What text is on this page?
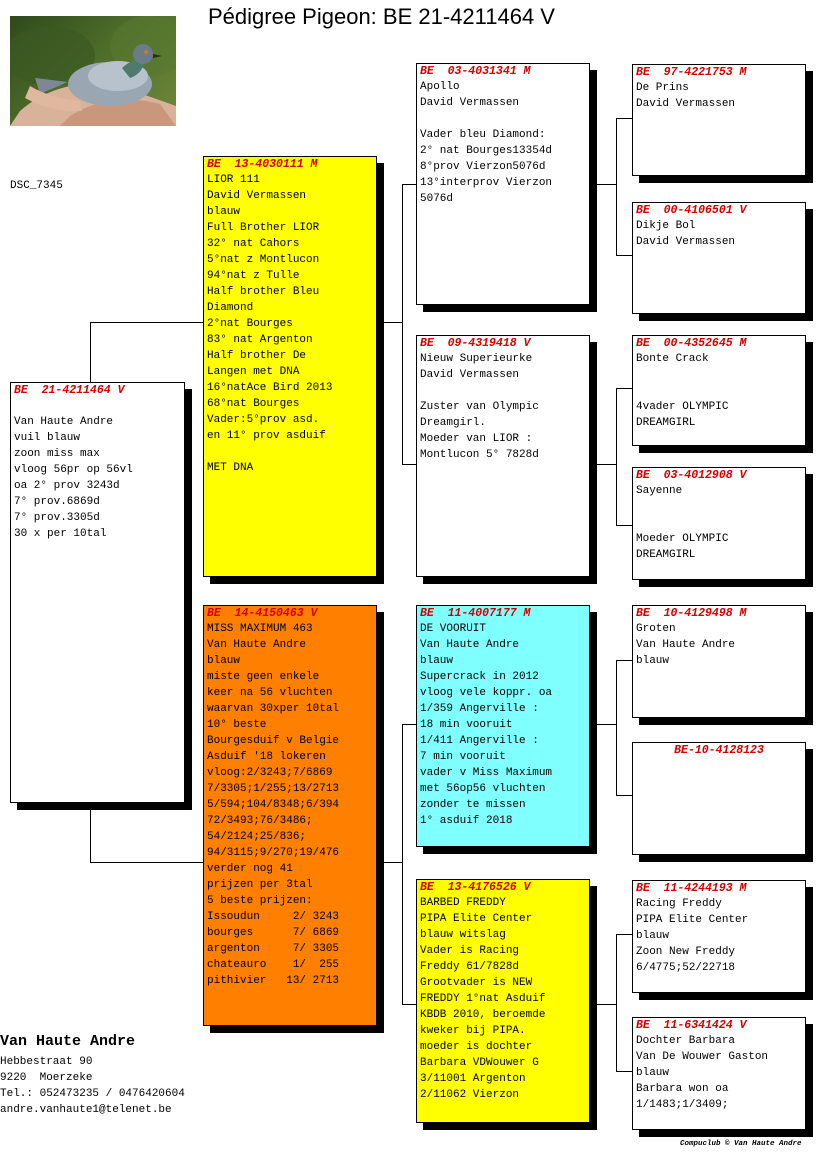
Pédigree Pigeon: BE 21-4211464 V
DSC_7345
BE  21-4211464 V
Van Haute Andre
vuil blauw
zoon miss max
vloog 56pr op 56vl
oa 2° prov 3243d
7° prov.6869d
7° prov.3305d
30 x per 10tal
BE  13-4030111 M
LIOR 111
David Vermassen
blauw
Full Brother LIOR
32° nat Cahors
5°nat z Montlucon
94°nat z Tulle
Half brother Bleu
Diamond
2°nat Bourges
83° nat Argenton
Half brother De
Langen met DNA
16°natAce Bird 2013
68°nat Bourges
Vader:5°prov asd.
en 11° prov asduif
MET DNA
BE  14-4150463 V
MISS MAXIMUM 463
Van Haute Andre
blauw
miste geen enkele
keer na 56 vluchten
waarvan 30xper 10tal
10° beste
Bourgesduif v Belgie
Asduif '18 lokeren
vloog:2/3243;7/6869
7/3305;1/255;13/2713
5/594;104/8348;6/394
72/3493;76/3486;
54/2124;25/836;
94/3115;9/270;19/476
verder nog 41
prijzen per 3tal
5 beste prijzen:
Issoudun     2/ 3243
bourges      7/ 6869
argenton     7/ 3305
chateauro    1/  255
pithivier   13/ 2713
BE  03-4031341 M
Apollo
David Vermassen
Vader bleu Diamond:
2° nat Bourges13354d
8°prov Vierzon5076d
13°interprov Vierzon
5076d
BE  09-4319418 V
Nieuw Superieurke
David Vermassen
Zuster van Olympic
Dreamgirl.
Moeder van LIOR :
Montlucon 5° 7828d
BE  11-4007177 M
DE VOORUIT
Van Haute Andre
blauw
Supercrack in 2012
vloog vele koppr. oa
1/359 Angerville :
18 min vooruit
1/411 Angerville :
7 min vooruit
vader v Miss Maximum
met 56op56 vluchten
zonder te missen
1° asduif 2018
BE  13-4176526 V
BARBED FREDDY
PIPA Elite Center
blauw witslag
Vader is Racing
Freddy 61/7828d
Grootvader is NEW
FREDDY 1°nat Asduif
KBDB 2010, beroemde
kweker bij PIPA.
moeder is dochter
Barbara VDWouwer G
3/11001 Argenton
2/11062 Vierzon
BE  97-4221753 M
De Prins
David Vermassen
BE  00-4106501 V
Dikje Bol
David Vermassen
BE  00-4352645 M
Bonte Crack
4vader OLYMPIC
DREAMGIRL
BE  03-4012908 V
Sayenne
Moeder OLYMPIC
DREAMGIRL
BE  10-4129498 M
Groten
Van Haute Andre
blauw
BE-10-4128123
BE  11-4244193 M
Racing Freddy
PIPA Elite Center
blauw
Zoon New Freddy
6/4775;52/22718
BE  11-6341424 V
Dochter Barbara
Van De Wouwer Gaston
blauw
Barbara won oa
1/1483;1/3409;
Van Haute Andre
Hebbestraat 90
9220  Moerzeke
Tel.: 052473235 / 0476420604
andre.vanhaute1@telenet.be
Compuclub © Van Haute Andre
